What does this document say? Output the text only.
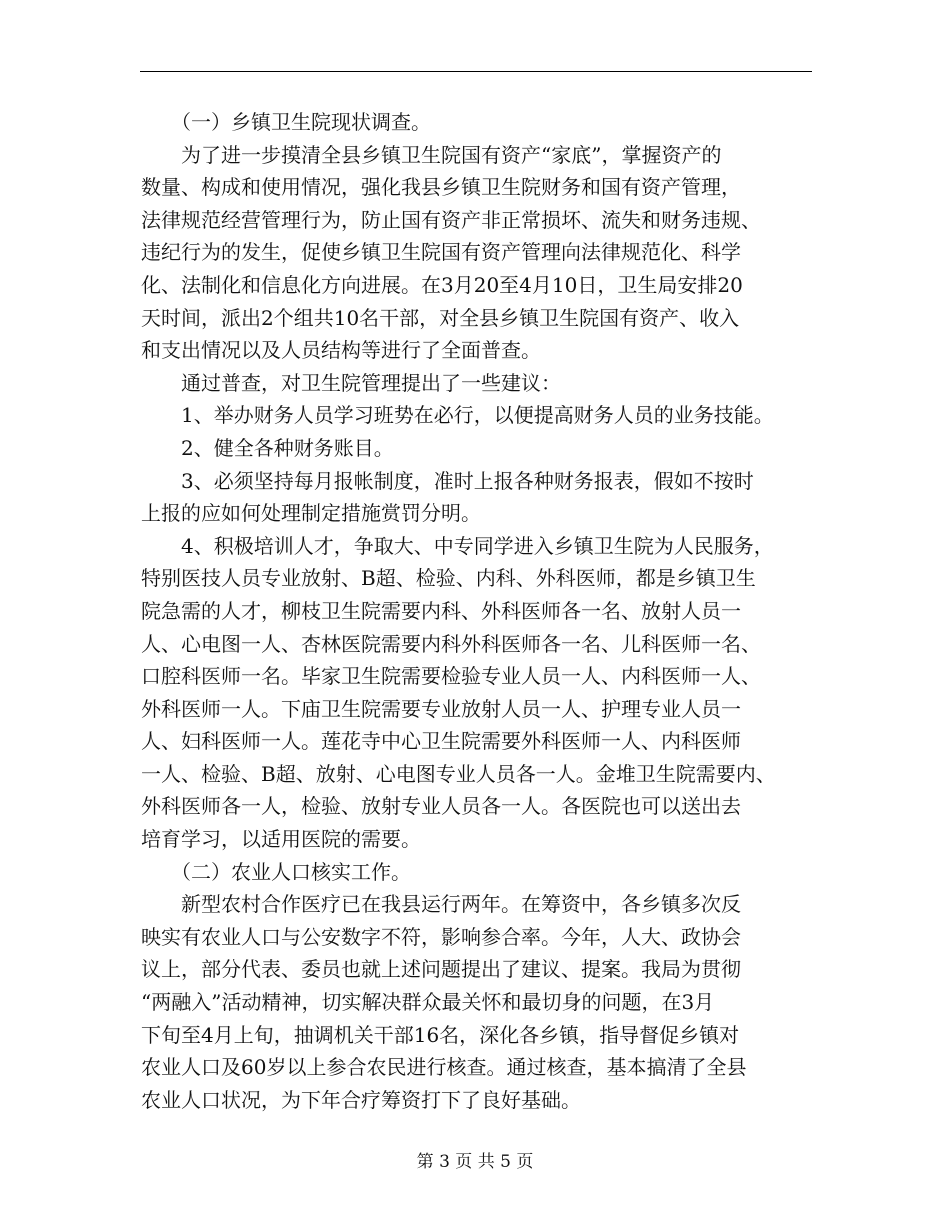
　　（一）乡镇卫生院现状调查。
　　为了进一步摸清全县乡镇卫生院国有资产“家底”，掌握资产的
数量、构成和使用情况，强化我县乡镇卫生院财务和国有资产管理，
法律规范经营管理行为，防止国有资产非正常损坏、流失和财务违规、
违纪行为的发生，促使乡镇卫生院国有资产管理向法律规范化、科学
化、法制化和信息化方向进展。在3月20至4月10日，卫生局安排20
天时间，派出2个组共10名干部，对全县乡镇卫生院国有资产、收入
和支出情况以及人员结构等进行了全面普查。
　　通过普查，对卫生院管理提出了一些建议：
　　1、举办财务人员学习班势在必行，以便提高财务人员的业务技能。
　　2、健全各种财务账目。
　　3、必须坚持每月报帐制度，准时上报各种财务报表，假如不按时
上报的应如何处理制定措施赏罚分明。
　　4、积极培训人才，争取大、中专同学进入乡镇卫生院为人民服务，
特别医技人员专业放射、B超、检验、内科、外科医师，都是乡镇卫生
院急需的人才，柳枝卫生院需要内科、外科医师各一名、放射人员一
人、心电图一人、杏林医院需要内科外科医师各一名、儿科医师一名、
口腔科医师一名。毕家卫生院需要检验专业人员一人、内科医师一人、
外科医师一人。下庙卫生院需要专业放射人员一人、护理专业人员一
人、妇科医师一人。莲花寺中心卫生院需要外科医师一人、内科医师
一人、检验、B超、放射、心电图专业人员各一人。金堆卫生院需要内、
外科医师各一人，检验、放射专业人员各一人。各医院也可以送出去
培育学习，以适用医院的需要。
　　（二）农业人口核实工作。
　　新型农村合作医疗已在我县运行两年。在筹资中，各乡镇多次反
映实有农业人口与公安数字不符，影响参合率。今年，人大、政协会
议上，部分代表、委员也就上述问题提出了建议、提案。我局为贯彻
“两融入”活动精神，切实解决群众最关怀和最切身的问题，在3月
下旬至4月上旬，抽调机关干部16名，深化各乡镇，指导督促乡镇对
农业人口及60岁以上参合农民进行核查。通过核查，基本搞清了全县
农业人口状况，为下年合疗筹资打下了良好基础。
第 3 页 共 5 页
